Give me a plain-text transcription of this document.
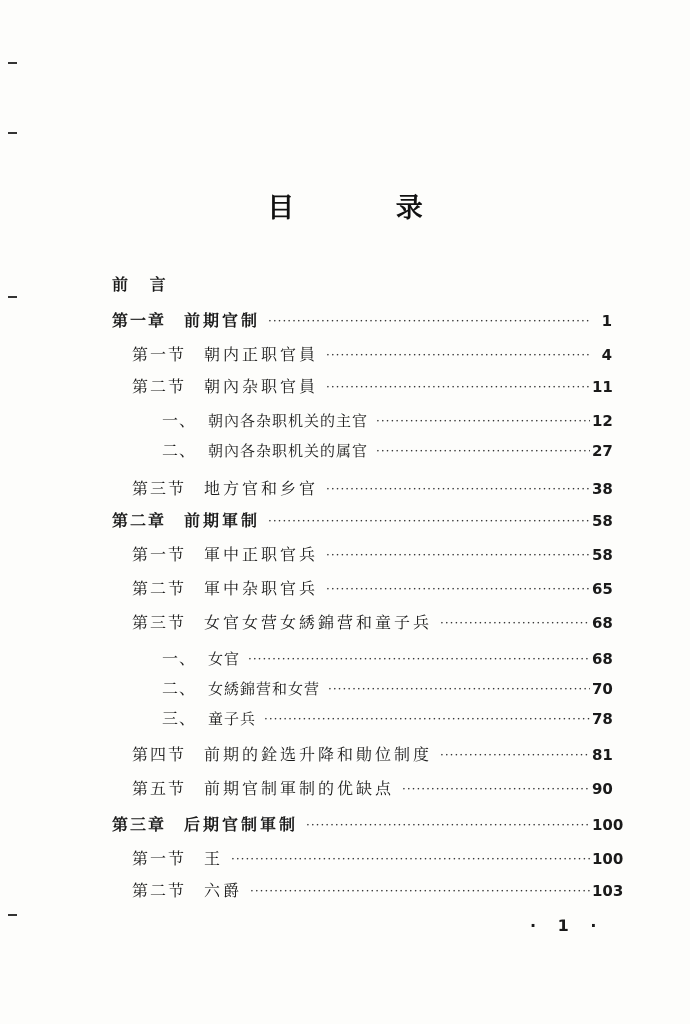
目 录
前 言
第一章 前期官制 ·····	1
第一节 朝内正职官員 ·····	4
第二节 朝內杂职官員 ·····	11
一、 朝內各杂职机关的主官 ·····	12
二、 朝內各杂职机关的属官 ·····	27
第三节 地方官和乡官 ·····	38
第二章 前期軍制 ·····	58
第一节 軍中正职官兵 ·····	58
第二节 軍中杂职官兵 ·····	65
第三节 女官女营女綉錦营和童子兵 ·····	68
一、 女官 ·····	68
二、 女綉錦营和女营 ·····	70
三、 童子兵 ·····	78
第四节 前期的銓选升降和勛位制度 ·····	81
第五节 前期官制軍制的优缺点 ·····	90
第三章 后期官制軍制 ·····	100
第一节 王 ·····	100
第二节 六爵 ·····	103
· 1 ·
